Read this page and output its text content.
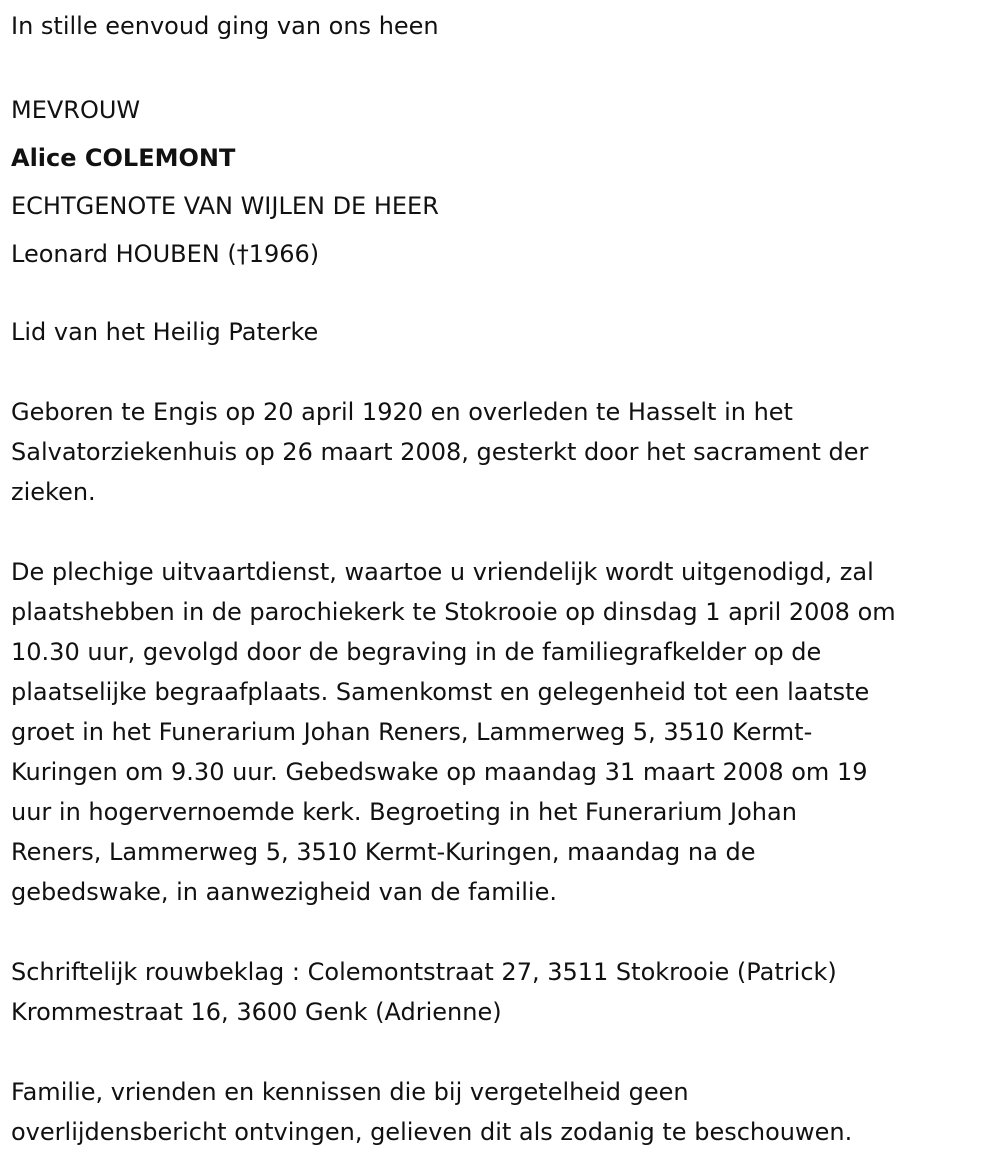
In stille eenvoud ging van ons heen
MEVROUW
Alice COLEMONT
ECHTGENOTE VAN WIJLEN DE HEER
Leonard HOUBEN (†1966)
Lid van het Heilig Paterke
Geboren te Engis op 20 april 1920 en overleden te Hasselt in het
Salvatorziekenhuis op 26 maart 2008, gesterkt door het sacrament der
zieken.
De plechige uitvaartdienst, waartoe u vriendelijk wordt uitgenodigd, zal
plaatshebben in de parochiekerk te Stokrooie op dinsdag 1 april 2008 om
10.30 uur, gevolgd door de begraving in de familiegrafkelder op de
plaatselijke begraafplaats. Samenkomst en gelegenheid tot een laatste
groet in het Funerarium Johan Reners, Lammerweg 5, 3510 Kermt-
Kuringen om 9.30 uur. Gebedswake op maandag 31 maart 2008 om 19
uur in hogervernoemde kerk. Begroeting in het Funerarium Johan
Reners, Lammerweg 5, 3510 Kermt-Kuringen, maandag na de
gebedswake, in aanwezigheid van de familie.
Schriftelijk rouwbeklag : Colemontstraat 27, 3511 Stokrooie (Patrick)
Krommestraat 16, 3600 Genk (Adrienne)
Familie, vrienden en kennissen die bij vergetelheid geen
overlijdensbericht ontvingen, gelieven dit als zodanig te beschouwen.
